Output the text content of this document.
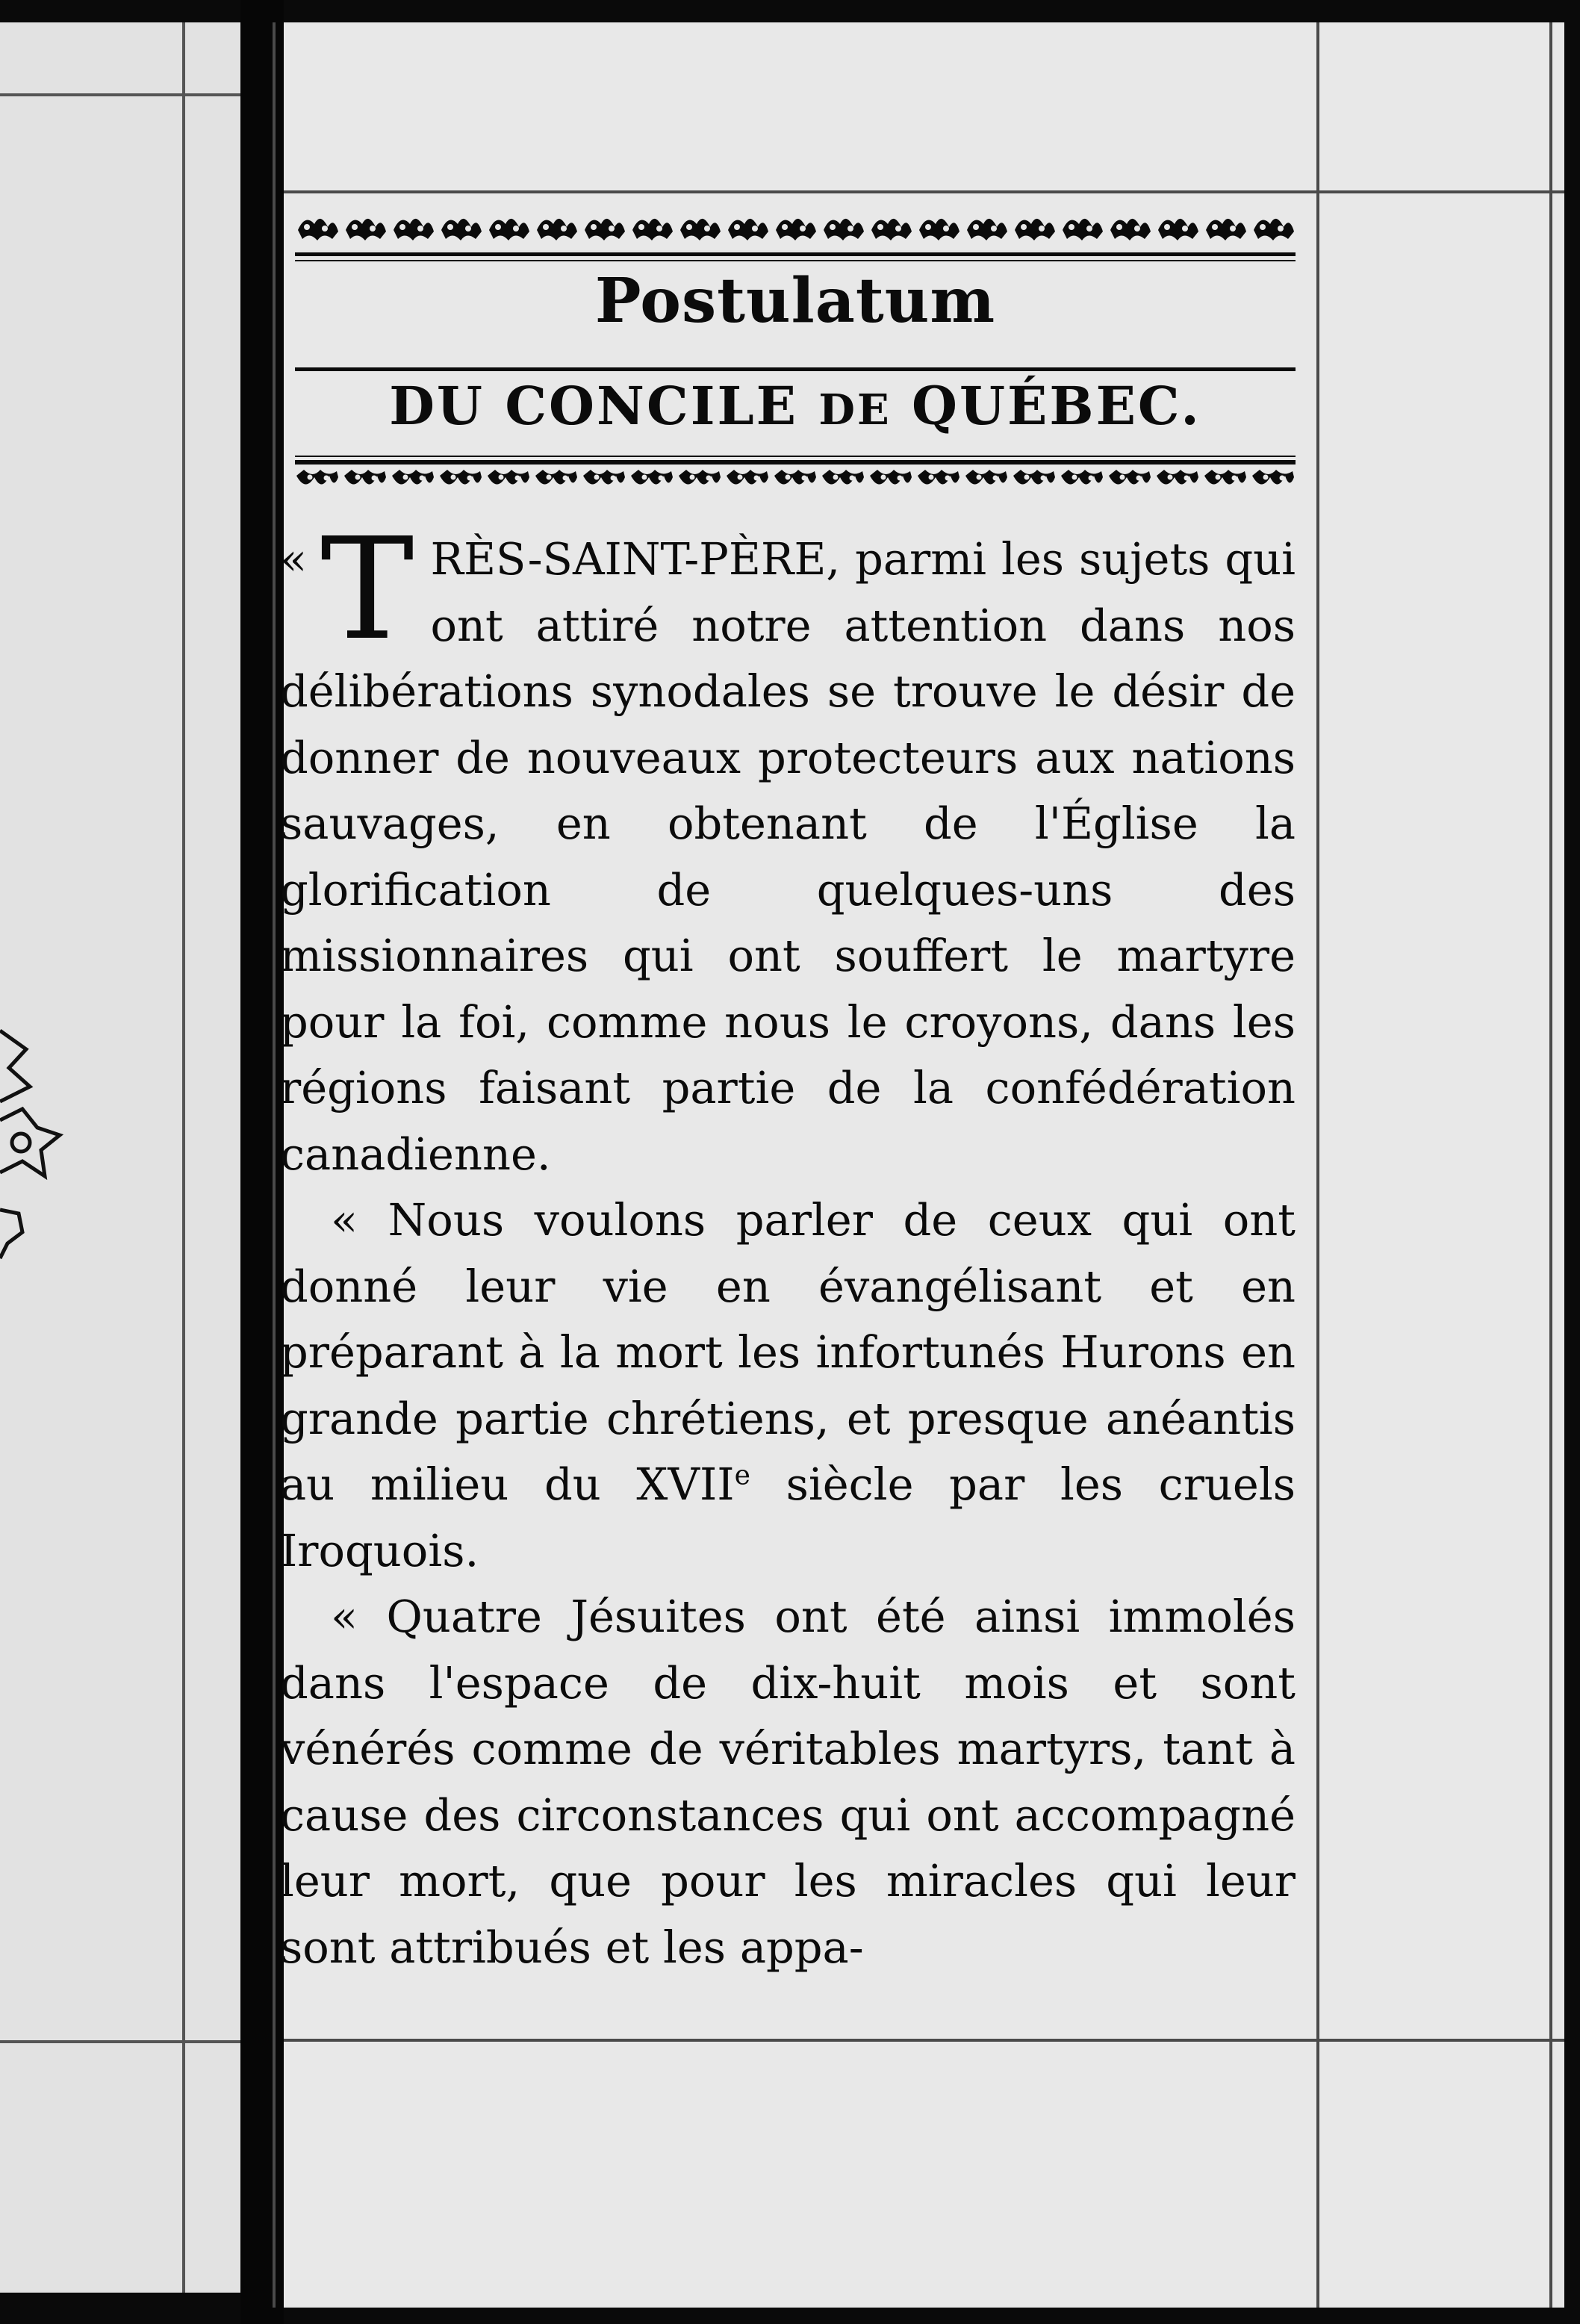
Postulatum
DU CONCILE DE QUÉBEC.

« T RÈS-SAINT-PÈRE, parmi les sujets qui ont attiré notre attention dans nos délibérations synodales se trouve le désir de donner de nouveaux protecteurs aux nations sauvages, en obtenant de l'Église la glorification de quelques-uns des missionnaires qui ont souffert le martyre pour la foi, comme nous le croyons, dans les régions faisant partie de la confédération canadienne.

« Nous voulons parler de ceux qui ont donné leur vie en évangélisant et en préparant à la mort les infortunés Hurons en grande partie chrétiens, et presque anéantis au milieu du XVIIe siècle par les cruels Iroquois.

« Quatre Jésuites ont été ainsi immolés dans l'espace de dix-huit mois et sont vénérés comme de véritables martyrs, tant à cause des circonstances qui ont accompagné leur mort, que pour les miracles qui leur sont attribués et les appa-
